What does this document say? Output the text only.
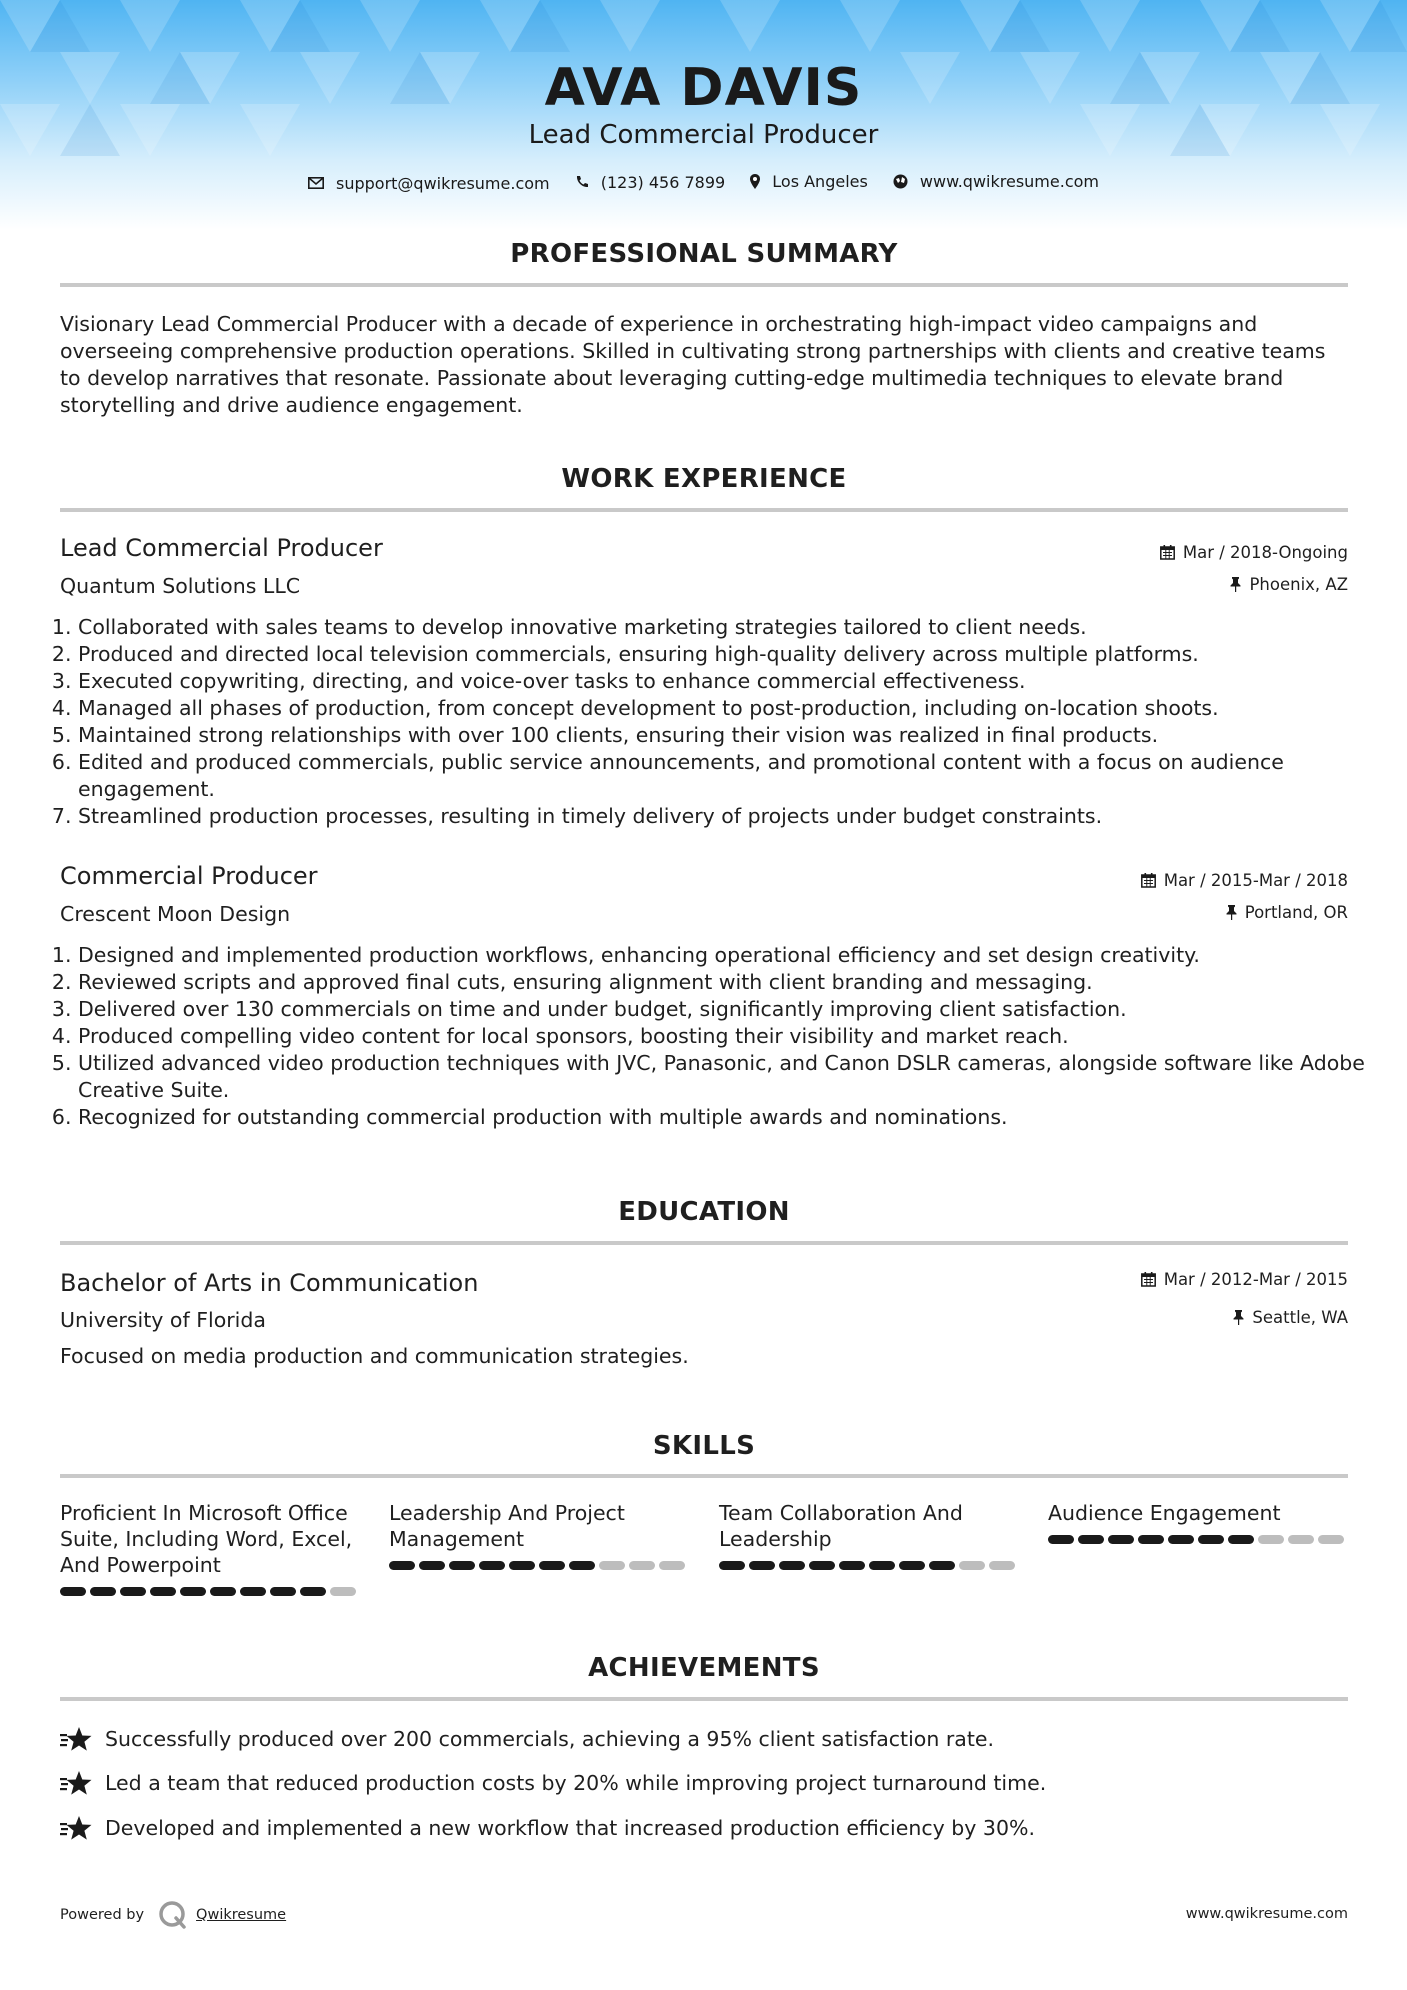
AVA DAVIS
Lead Commercial Producer
support@qwikresume.com
	(123) 456 7899
	Los Angeles
	www.qwikresume.com
PROFESSIONAL SUMMARY
Visionary Lead Commercial Producer with a decade of experience in orchestrating high-impact video campaigns and overseeing comprehensive production operations. Skilled in cultivating strong partnerships with clients and creative teams to develop narratives that resonate. Passionate about leveraging cutting-edge multimedia techniques to elevate brand storytelling and drive audience engagement.
WORK EXPERIENCE
Lead Commercial Producer	Mar / 2018-Ongoing
Quantum Solutions LLC	Phoenix, AZ
1. Collaborated with sales teams to develop innovative marketing strategies tailored to client needs.
2. Produced and directed local television commercials, ensuring high-quality delivery across multiple platforms.
3. Executed copywriting, directing, and voice-over tasks to enhance commercial effectiveness.
4. Managed all phases of production, from concept development to post-production, including on-location shoots.
5. Maintained strong relationships with over 100 clients, ensuring their vision was realized in final products.
6. Edited and produced commercials, public service announcements, and promotional content with a focus on audience engagement.
7. Streamlined production processes, resulting in timely delivery of projects under budget constraints.
Commercial Producer	Mar / 2015-Mar / 2018
Crescent Moon Design	Portland, OR
1. Designed and implemented production workflows, enhancing operational efficiency and set design creativity.
2. Reviewed scripts and approved final cuts, ensuring alignment with client branding and messaging.
3. Delivered over 130 commercials on time and under budget, significantly improving client satisfaction.
4. Produced compelling video content for local sponsors, boosting their visibility and market reach.
5. Utilized advanced video production techniques with JVC, Panasonic, and Canon DSLR cameras, alongside software like Adobe Creative Suite.
6. Recognized for outstanding commercial production with multiple awards and nominations.
EDUCATION
Bachelor of Arts in Communication	Mar / 2012-Mar / 2015
University of Florida	Seattle, WA
Focused on media production and communication strategies.
SKILLS
Proficient In Microsoft Office Suite, Including Word, Excel, And Powerpoint
Leadership And Project Management
Team Collaboration And Leadership
Audience Engagement
ACHIEVEMENTS
Successfully produced over 200 commercials, achieving a 95% client satisfaction rate.
Led a team that reduced production costs by 20% while improving project turnaround time.
Developed and implemented a new workflow that increased production efficiency by 30%.
Powered by	Qwikresume	www.qwikresume.com
